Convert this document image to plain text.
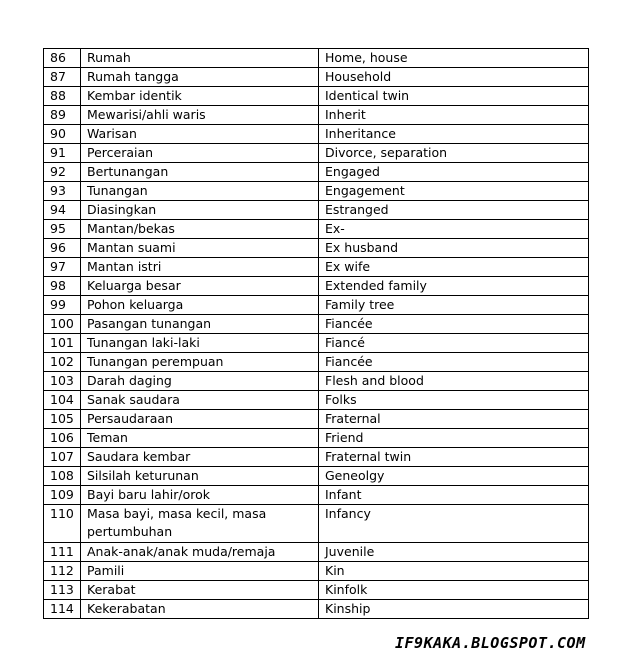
86	Rumah	Home, house
87	Rumah tangga	Household
88	Kembar identik	Identical twin
89	Mewarisi/ahli waris	Inherit
90	Warisan	Inheritance
91	Perceraian	Divorce, separation
92	Bertunangan	Engaged
93	Tunangan	Engagement
94	Diasingkan	Estranged
95	Mantan/bekas	Ex-
96	Mantan suami	Ex husband
97	Mantan istri	Ex wife
98	Keluarga besar	Extended family
99	Pohon keluarga	Family tree
100	Pasangan tunangan	Fiancée
101	Tunangan laki-laki	Fiancé
102	Tunangan perempuan	Fiancée
103	Darah daging	Flesh and blood
104	Sanak saudara	Folks
105	Persaudaraan	Fraternal
106	Teman	Friend
107	Saudara kembar	Fraternal twin
108	Silsilah keturunan	Geneolgy
109	Bayi baru lahir/orok	Infant
110	Masa bayi, masa kecil, masa pertumbuhan	Infancy
111	Anak-anak/anak muda/remaja	Juvenile
112	Pamili	Kin
113	Kerabat	Kinfolk
114	Kekerabatan	Kinship
IF9KAKA.BLOGSPOT.COM
